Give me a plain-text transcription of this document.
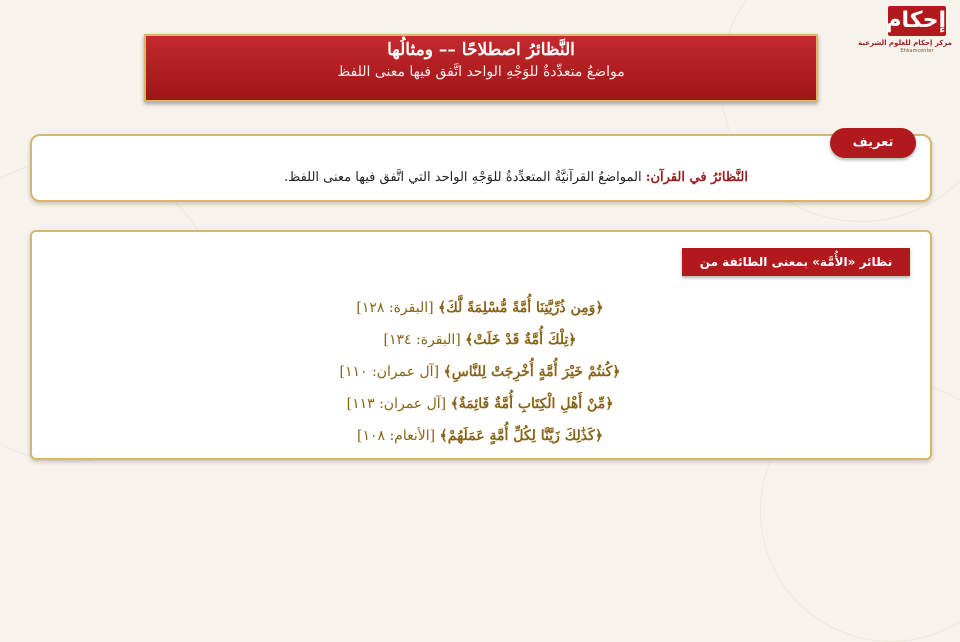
إحكام
مركز إحكام للعلوم الشرعية
Ehkamcenter
النَّظائرُ اصطلاحًا –– ومثالُها
مواضعُ متعدِّدةٌ للوَجْهِ الواحد اتَّفق فيها معنى اللفظ
تعريف
النَّظائرُ في القرآن: المواضعُ القرآنيَّةُ المتعدِّدةُ للوَجْهِ الواحد التي اتَّفق فيها معنى اللفظ.
نظائر «الأُمَّة» بمعنى الطائفة من الناس
﴿وَمِن ذُرِّيَّتِنَا أُمَّةً مُّسْلِمَةً لَّكَ﴾ [البقرة: ١٢٨]
﴿تِلْكَ أُمَّةٌ قَدْ خَلَتْ﴾ [البقرة: ١٣٤]
﴿كُنتُمْ خَيْرَ أُمَّةٍ أُخْرِجَتْ لِلنَّاسِ﴾ [آل عمران: ١١٠]
﴿مِّنْ أَهْلِ الْكِتَابِ أُمَّةٌ قَائِمَةٌ﴾ [آل عمران: ١١٣]
﴿كَذَٰلِكَ زَيَّنَّا لِكُلِّ أُمَّةٍ عَمَلَهُمْ﴾ [الأنعام: ١٠٨]
